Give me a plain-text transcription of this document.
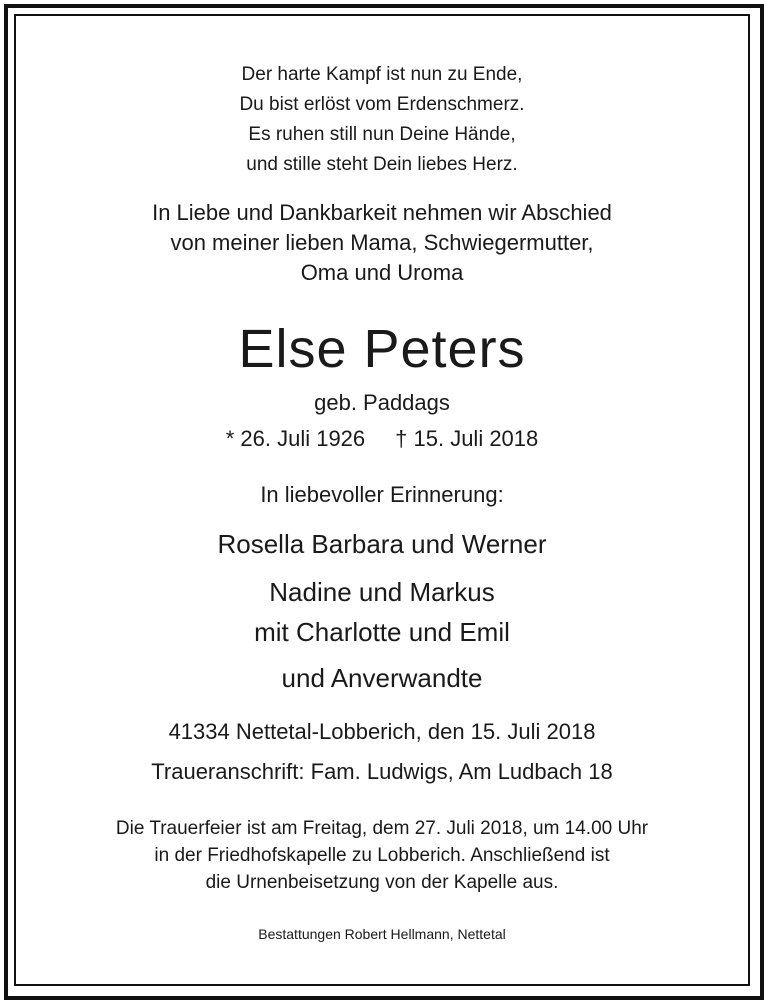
Der harte Kampf ist nun zu Ende,
Du bist erlöst vom Erdenschmerz.
Es ruhen still nun Deine Hände,
und stille steht Dein liebes Herz.
In Liebe und Dankbarkeit nehmen wir Abschied
von meiner lieben Mama, Schwiegermutter,
Oma und Uroma
Else Peters
geb. Paddags
* 26. Juli 1926 † 15. Juli 2018
In liebevoller Erinnerung:
Rosella Barbara und Werner
Nadine und Markus
mit Charlotte und Emil
und Anverwandte
41334 Nettetal-Lobberich, den 15. Juli 2018
Traueranschrift: Fam. Ludwigs, Am Ludbach 18
Die Trauerfeier ist am Freitag, dem 27. Juli 2018, um 14.00 Uhr
in der Friedhofskapelle zu Lobberich. Anschließend ist
die Urnenbeisetzung von der Kapelle aus.
Bestattungen Robert Hellmann, Nettetal
